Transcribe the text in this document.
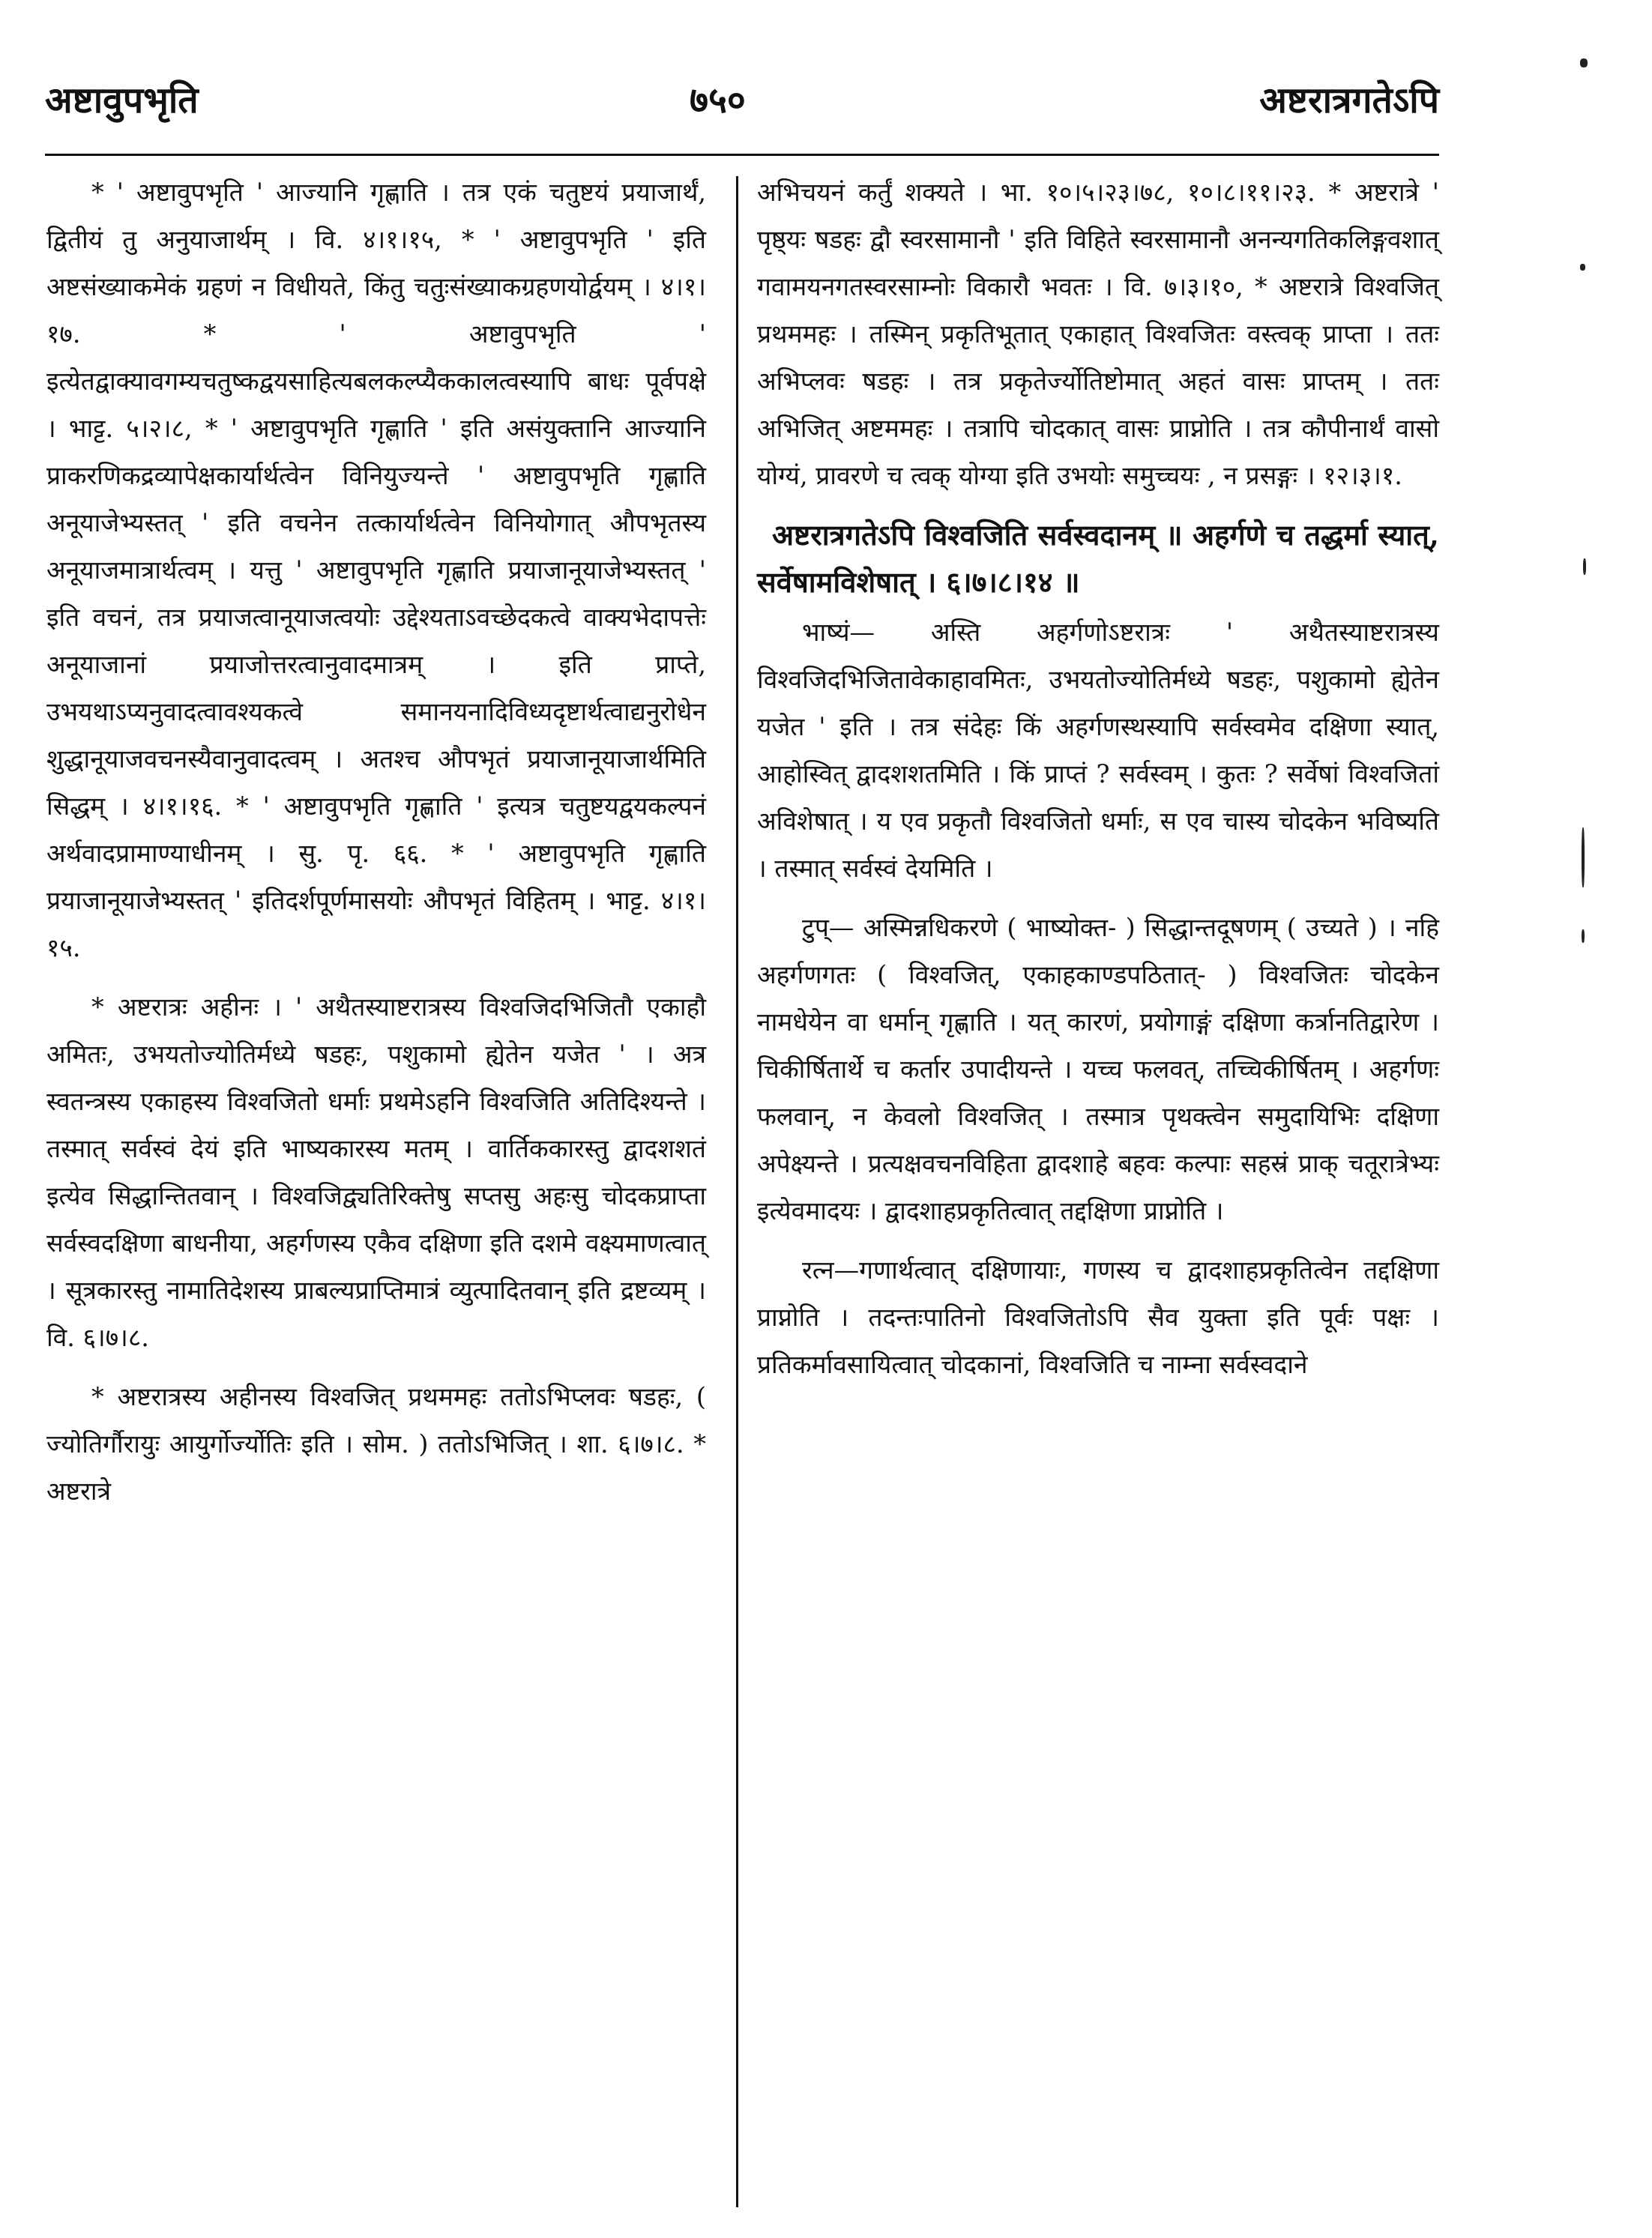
अष्टावुपभृति	७५०	अष्टरात्रगतेऽपि

* ' अष्टावुपभृति ' आज्यानि गृह्णाति । तत्र एकं चतुष्टयं प्रयाजार्थं, द्वितीयं तु अनुयाजार्थम् । वि. ४।१।१५, * ' अष्टावुपभृति ' इति अष्टसंख्याकमेकं ग्रहणं न विधीयते, किंतु चतुःसंख्याकग्रहणयोर्द्वयम् । ४।१।१७. * ' अष्टावुपभृति ' इत्येतद्वाक्यावगम्यचतुष्कद्वयसाहित्यबलकल्प्यैककालत्वस्यापि बाधः पूर्वपक्षे । भाट्ट. ५।२।८, * ' अष्टावुपभृति गृह्णाति ' इति असंयुक्तानि आज्यानि प्राकरणिकद्रव्यापेक्षकार्यार्थत्वेन विनियुज्यन्ते ' अष्टावुपभृति गृह्णाति अनूयाजेभ्यस्तत् ' इति वचनेन तत्कार्यार्थत्वेन विनियोगात् औपभृतस्य अनूयाजमात्रार्थत्वम् । यत्तु ' अष्टावुपभृति गृह्णाति प्रयाजानूयाजेभ्यस्तत् ' इति वचनं, तत्र प्रयाजत्वानूयाजत्वयोः उद्देश्यताऽवच्छेदकत्वे वाक्यभेदापत्तेः अनूयाजानां प्रयाजोत्तरत्वानुवादमात्रम् । इति प्राप्ते, उभयथाऽप्यनुवादत्वावश्यकत्वे समानयनादिविध्यदृष्टार्थत्वाद्यनुरोधेन शुद्धानूयाजवचनस्यैवानुवादत्वम् । अतश्च औपभृतं प्रयाजानूयाजार्थमिति सिद्धम् । ४।१।१६. * ' अष्टावुपभृति गृह्णाति ' इत्यत्र चतुष्टयद्वयकल्पनं अर्थवादप्रामाण्याधीनम् । सु. पृ. ६६. * ' अष्टावुपभृति गृह्णाति प्रयाजानूयाजेभ्यस्तत् ' इतिदर्शपूर्णमासयोः औपभृतं विहितम् । भाट्ट. ४।१।१५.

* अष्टरात्रः अहीनः । ' अथैतस्याष्टरात्रस्य विश्वजिदभिजितौ एकाहौ अमितः, उभयतोज्योतिर्मध्ये षडहः, पशुकामो ह्येतेन यजेत ' । अत्र स्वतन्त्रस्य एकाहस्य विश्वजितो धर्माः प्रथमेऽहनि विश्वजिति अतिदिश्यन्ते । तस्मात् सर्वस्वं देयं इति भाष्यकारस्य मतम् । वार्तिककारस्तु द्वादशशतं इत्येव सिद्धान्तितवान् । विश्वजिद्व्यतिरिक्तेषु सप्तसु अहःसु चोदकप्राप्ता सर्वस्वदक्षिणा बाधनीया, अहर्गणस्य एकैव दक्षिणा इति दशमे वक्ष्यमाणत्वात् । सूत्रकारस्तु नामातिदेशस्य प्राबल्यप्राप्तिमात्रं व्युत्पादितवान् इति द्रष्टव्यम् । वि. ६।७।८.

* अष्टरात्रस्य अहीनस्य विश्वजित् प्रथममहः ततोऽभिप्लवः षडहः, ( ज्योतिर्गौरायुः आयुर्गोर्ज्योतिः इति । सोम. ) ततोऽभिजित् । शा. ६।७।८. * अष्टरात्रे

अभिचयनं कर्तुं शक्यते । भा. १०।५।२३।७८, १०।८।११।२३. * अष्टरात्रे ' पृष्ठ्यः षडहः द्वौ स्वरसामानौ ' इति विहिते स्वरसामानौ अनन्यगतिकलिङ्गवशात् गवामयनगतस्वरसाम्नोः विकारौ भवतः । वि. ७।३।१०, * अष्टरात्रे विश्वजित् प्रथममहः । तस्मिन् प्रकृतिभूतात् एकाहात् विश्वजितः वस्त्वक् प्राप्ता । ततः अभिप्लवः षडहः । तत्र प्रकृतेर्ज्योतिष्टोमात् अहतं वासः प्राप्तम् । ततः अभिजित् अष्टममहः । तत्रापि चोदकात् वासः प्राप्नोति । तत्र कौपीनार्थं वासो योग्यं, प्रावरणे च त्वक् योग्या इति उभयोः समुच्चयः , न प्रसङ्गः । १२।३।१.

अष्टरात्रगतेऽपि विश्वजिति सर्वस्वदानम् ॥ अहर्गणे च तद्धर्मा स्यात्, सर्वेषामविशेषात् । ६।७।८।१४ ॥

भाष्यं— अस्ति अहर्गणोऽष्टरात्रः ' अथैतस्याष्टरात्रस्य विश्वजिदभिजितावेकाहावमितः, उभयतोज्योतिर्मध्ये षडहः, पशुकामो ह्येतेन यजेत ' इति । तत्र संदेहः किं अहर्गणस्थस्यापि सर्वस्वमेव दक्षिणा स्यात्, आहोस्वित् द्वादशशतमिति । किं प्राप्तं ? सर्वस्वम् । कुतः ? सर्वेषां विश्वजितां अविशेषात् । य एव प्रकृतौ विश्वजितो धर्माः, स एव चास्य चोदकेन भविष्यति । तस्मात् सर्वस्वं देयमिति ।

टुप्— अस्मिन्नधिकरणे ( भाष्योक्त- ) सिद्धान्तदूषणम् ( उच्यते ) । नहि अहर्गणगतः ( विश्वजित्, एकाहकाण्डपठितात्- ) विश्वजितः चोदकेन नामधेयेन वा धर्मान् गृह्णाति । यत् कारणं, प्रयोगाङ्गं दक्षिणा कर्त्रानतिद्वारेण । चिकीर्षितार्थे च कर्तार उपादीयन्ते । यच्च फलवत्, तच्चिकीर्षितम् । अहर्गणः फलवान्, न केवलो विश्वजित् । तस्मात्र पृथक्त्वेन समुदायिभिः दक्षिणा अपेक्ष्यन्ते । प्रत्यक्षवचनविहिता द्वादशाहे बहवः कल्पाः सहस्रं प्राक् चतूरात्रेभ्यः इत्येवमादयः । द्वादशाहप्रकृतित्वात् तद्दक्षिणा प्राप्नोति ।

रत्न—गणार्थत्वात् दक्षिणायाः, गणस्य च द्वादशाहप्रकृतित्वेन तद्दक्षिणा प्राप्नोति । तदन्तःपातिनो विश्वजितोऽपि सैव युक्ता इति पूर्वः पक्षः । प्रतिकर्मावसायित्वात् चोदकानां, विश्वजिति च नाम्ना सर्वस्वदाने
